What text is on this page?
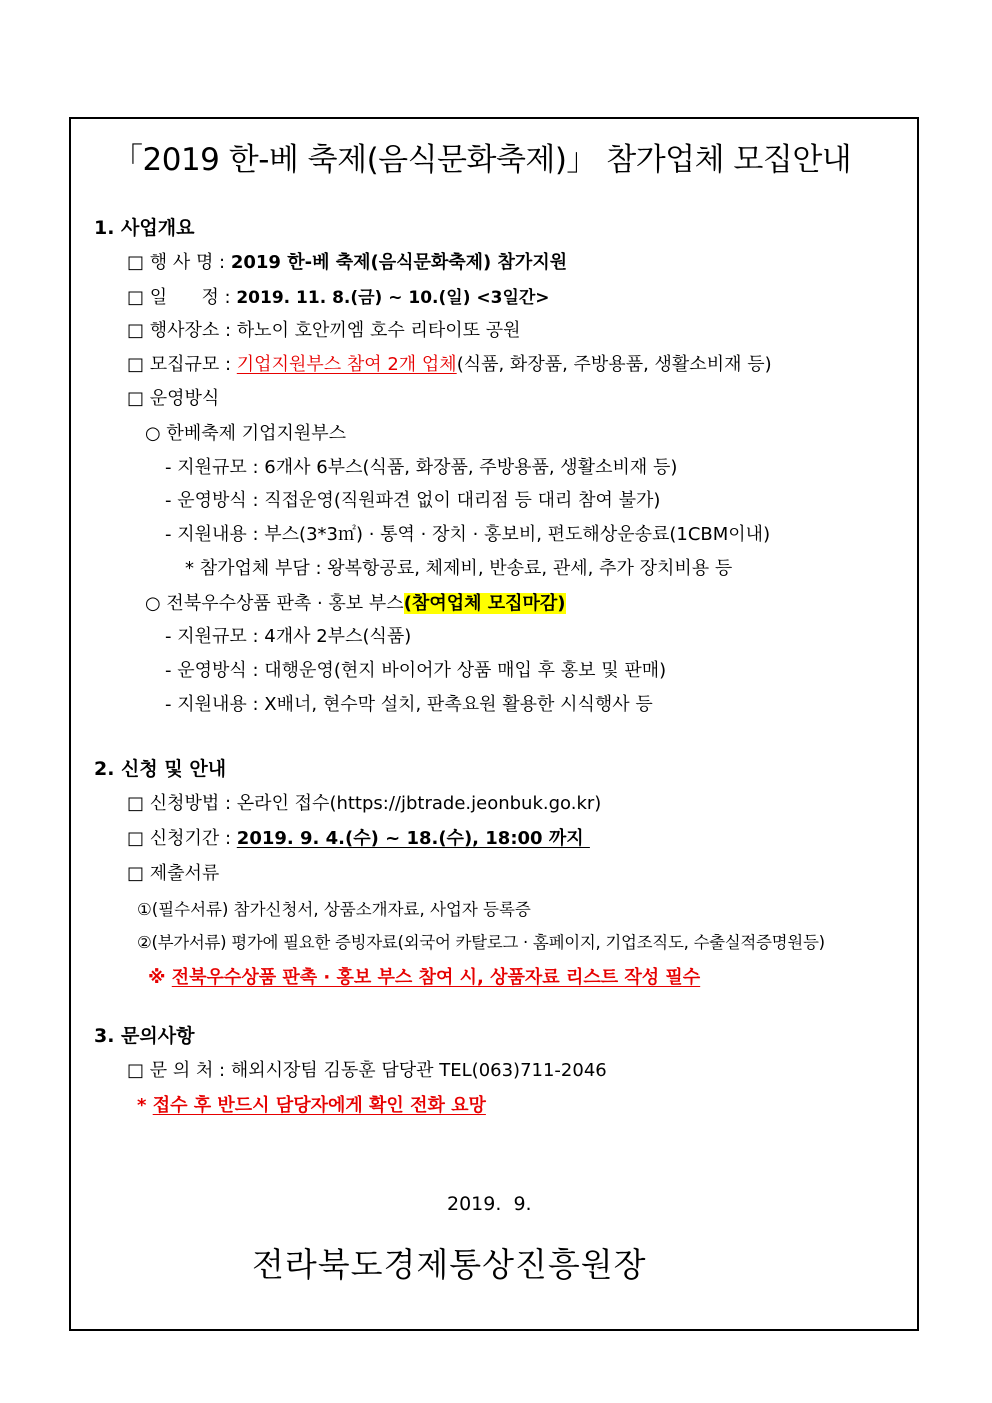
「2019 한-베 축제(음식문화축제)」 참가업체 모집안내
1. 사업개요
□ 행 사 명 : 2019 한-베 축제(음식문화축제) 참가지원
□ 일      정 : 2019. 11. 8.(금) ~ 10.(일) <3일간>
□ 행사장소 : 하노이 호안끼엠 호수 리타이또 공원
□ 모집규모 : 기업지원부스 참여 2개 업체(식품, 화장품, 주방용품, 생활소비재 등)
□ 운영방식
○ 한베축제 기업지원부스
- 지원규모 : 6개사 6부스(식품, 화장품, 주방용품, 생활소비재 등)
- 운영방식 : 직접운영(직원파견 없이 대리점 등 대리 참여 불가)
- 지원내용 : 부스(3*3㎡) · 통역 · 장치 · 홍보비, 편도해상운송료(1CBM이내)
* 참가업체 부담 : 왕복항공료, 체제비, 반송료, 관세, 추가 장치비용 등
○ 전북우수상품 판촉 · 홍보 부스(참여업체 모집마감)
- 지원규모 : 4개사 2부스(식품)
- 운영방식 : 대행운영(현지 바이어가 상품 매입 후 홍보 및 판매)
- 지원내용 : X배너, 현수막 설치, 판촉요원 활용한 시식행사 등
2. 신청 및 안내
□ 신청방법 : 온라인 접수(https://jbtrade.jeonbuk.go.kr)
□ 신청기간 : 2019. 9. 4.(수) ~ 18.(수), 18:00 까지
□ 제출서류
①(필수서류) 참가신청서, 상품소개자료, 사업자 등록증
②(부가서류) 평가에 필요한 증빙자료(외국어 카탈로그 · 홈페이지, 기업조직도, 수출실적증명원등)
※ 전북우수상품 판촉 · 홍보 부스 참여 시, 상품자료 리스트 작성 필수
3. 문의사항
□ 문 의 처 : 해외시장팀 김동훈 담당관 TEL(063)711-2046
* 접수 후 반드시 담당자에게 확인 전화 요망
2019.  9.
전라북도경제통상진흥원장
